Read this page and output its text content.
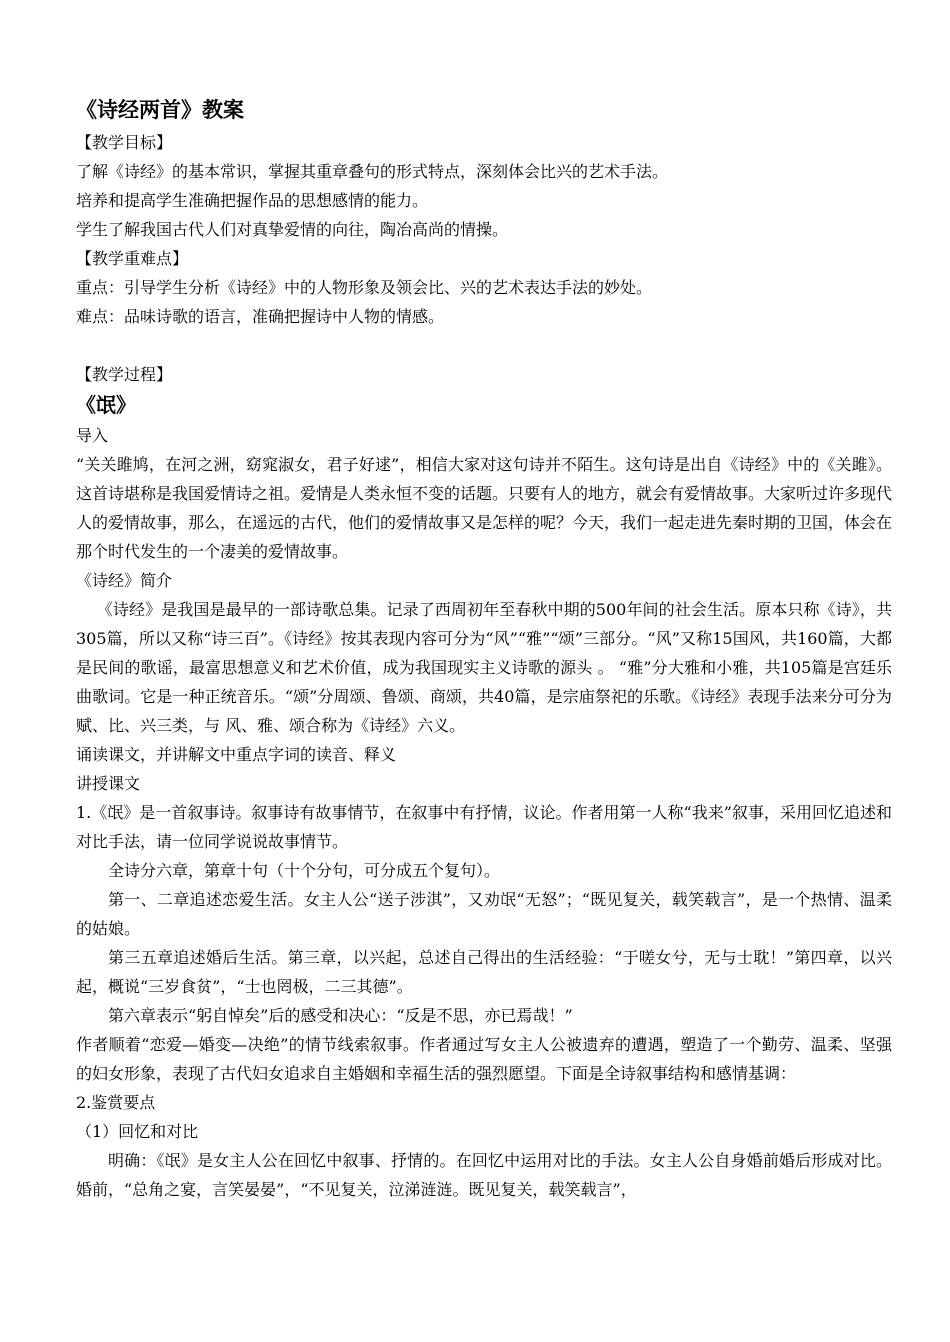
《诗经两首》教案

【教学目标】

了解《诗经》的基本常识，掌握其重章叠句的形式特点，深刻体会比兴的艺术手法。

培养和提高学生准确把握作品的思想感情的能力。

学生了解我国古代人们对真挚爱情的向往，陶冶高尚的情操。

【教学重难点】

重点：引导学生分析《诗经》中的人物形象及领会比、兴的艺术表达手法的妙处。

难点：品味诗歌的语言，准确把握诗中人物的情感。

【教学过程】

《氓》

导入

“关关雎鸠，在河之洲，窈窕淑女，君子好逑”，相信大家对这句诗并不陌生。这句诗是出自《诗经》中的《关雎》。这首诗堪称是我国爱情诗之祖。爱情是人类永恒不变的话题。只要有人的地方，就会有爱情故事。大家听过许多现代人的爱情故事，那么，在遥远的古代，他们的爱情故事又是怎样的呢？今天，我们一起走进先秦时期的卫国，体会在那个时代发生的一个凄美的爱情故事。

《诗经》简介

《诗经》是我国是最早的一部诗歌总集。记录了西周初年至春秋中期的500年间的社会生活。原本只称《诗》，共305篇，所以又称“诗三百”。《诗经》按其表现内容可分为“风”“雅”“颂”三部分。“风”又称15国风，共160篇，大都是民间的歌谣，最富思想意义和艺术价值，成为我国现实主义诗歌的源头 。 “雅”分大雅和小雅，共105篇是宫廷乐曲歌词。它是一种正统音乐。“颂”分周颂、鲁颂、商颂，共40篇，是宗庙祭祀的乐歌。《诗经》表现手法来分可分为赋、比、兴三类，与 风、雅、颂合称为《诗经》六义。

诵读课文，并讲解文中重点字词的读音、释义

讲授课文

1.《氓》是一首叙事诗。叙事诗有故事情节，在叙事中有抒情，议论。作者用第一人称“我来”叙事，采用回忆追述和对比手法，请一位同学说说故事情节。

全诗分六章，第章十句（十个分句，可分成五个复句）。

第一、二章追述恋爱生活。女主人公“送子涉淇”，又劝氓“无怒”；“既见复关，载笑载言”，是一个热情、温柔的姑娘。

第三五章追述婚后生活。第三章，以兴起，总述自己得出的生活经验：“于嗟女兮，无与士耽！”第四章，以兴起，概说“三岁食贫”，“士也罔极，二三其德”。

第六章表示“躬自悼矣”后的感受和决心：“反是不思，亦已焉哉！”

作者顺着“恋爱—婚变—决绝”的情节线索叙事。作者通过写女主人公被遗弃的遭遇，塑造了一个勤劳、温柔、坚强的妇女形象，表现了古代妇女追求自主婚姻和幸福生活的强烈愿望。下面是全诗叙事结构和感情基调：

2.鉴赏要点

（1）回忆和对比

明确：《氓》是女主人公在回忆中叙事、抒情的。在回忆中运用对比的手法。女主人公自身婚前婚后形成对比。婚前，“总角之宴，言笑晏晏”，“不见复关，泣涕涟涟。既见复关，载笑载言”，
